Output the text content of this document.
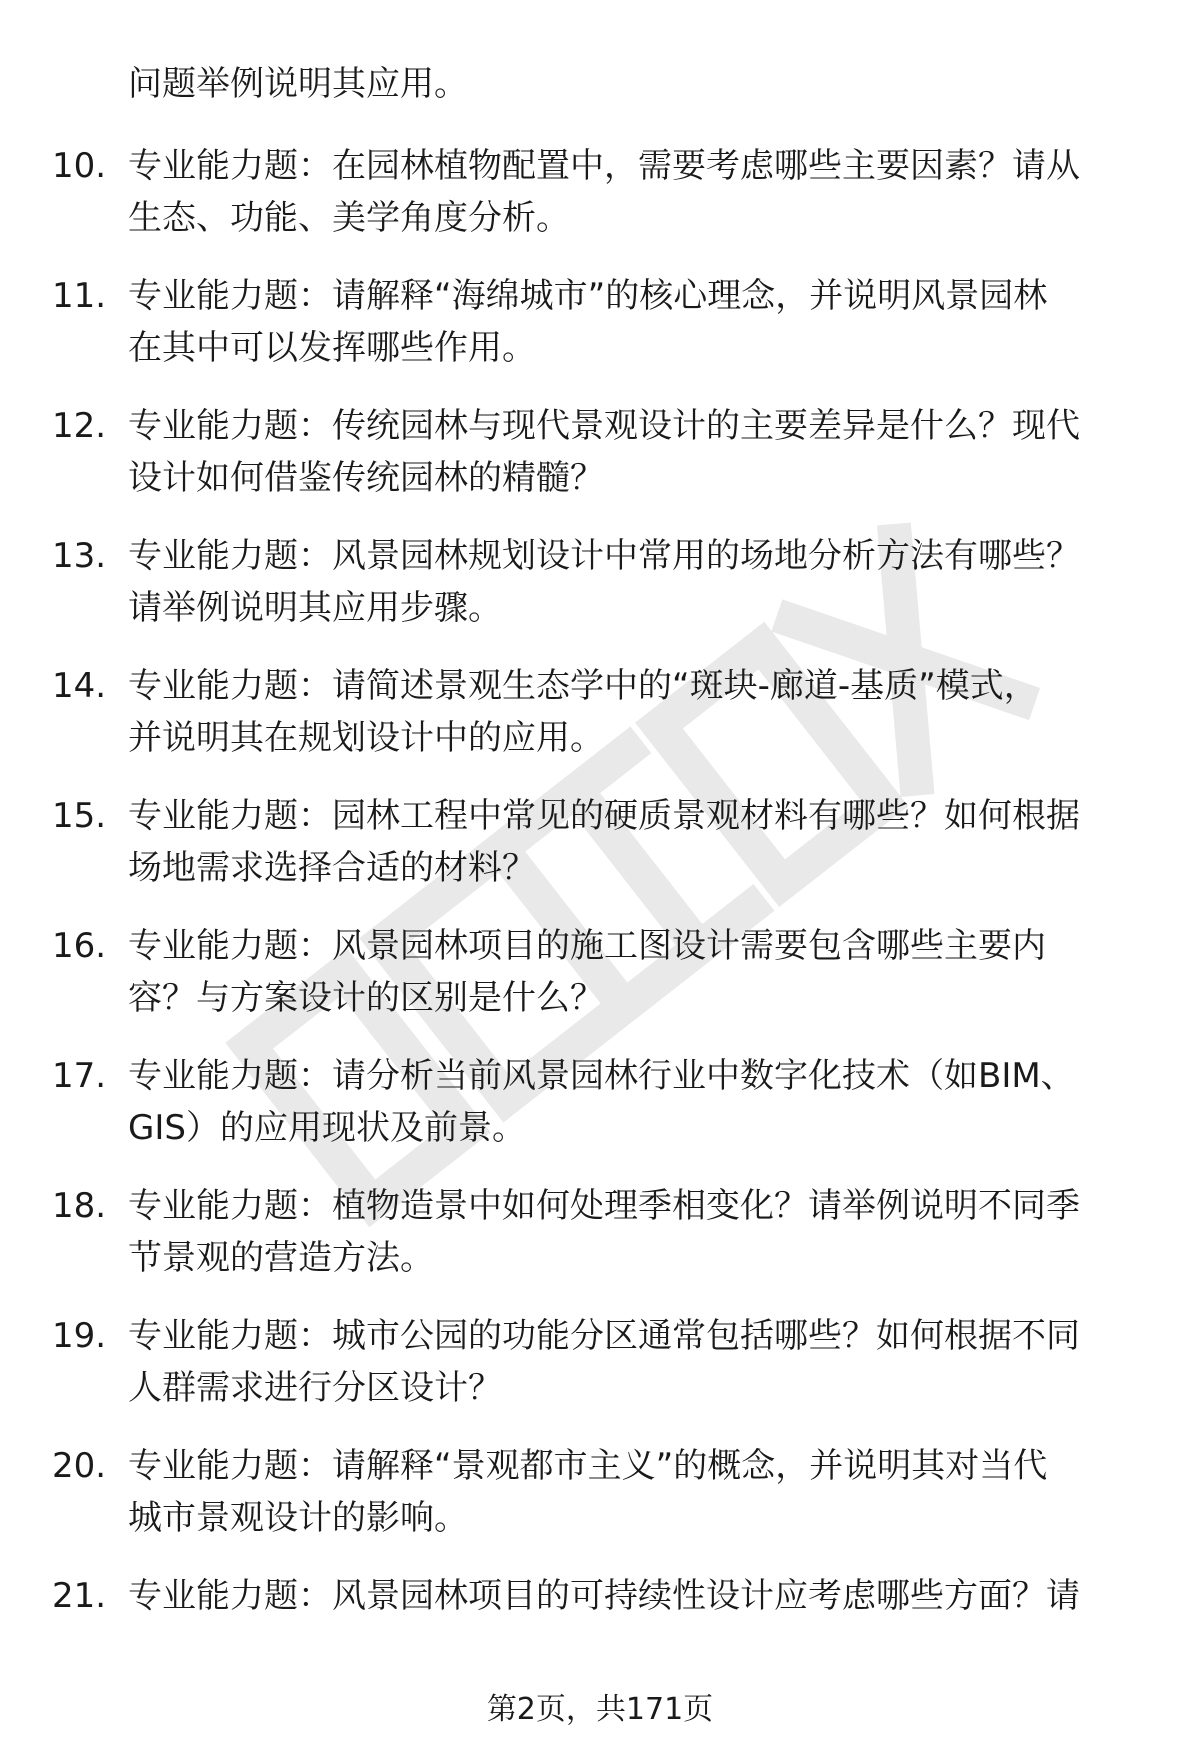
问题举例说明其应用。

10. 专业能力题：在园林植物配置中，需要考虑哪些主要因素？请从
生态、功能、美学角度分析。
11. 专业能力题：请解释“海绵城市”的核心理念，并说明风景园林
在其中可以发挥哪些作用。
12. 专业能力题：传统园林与现代景观设计的主要差异是什么？现代
设计如何借鉴传统园林的精髓？
13. 专业能力题：风景园林规划设计中常用的场地分析方法有哪些？
请举例说明其应用步骤。
14. 专业能力题：请简述景观生态学中的“斑块-廊道-基质”模式，
并说明其在规划设计中的应用。
15. 专业能力题：园林工程中常见的硬质景观材料有哪些？如何根据
场地需求选择合适的材料？
16. 专业能力题：风景园林项目的施工图设计需要包含哪些主要内
容？与方案设计的区别是什么？
17. 专业能力题：请分析当前风景园林行业中数字化技术（如BIM、
GIS）的应用现状及前景。
18. 专业能力题：植物造景中如何处理季相变化？请举例说明不同季
节景观的营造方法。
19. 专业能力题：城市公园的功能分区通常包括哪些？如何根据不同
人群需求进行分区设计？
20. 专业能力题：请解释“景观都市主义”的概念，并说明其对当代
城市景观设计的影响。
21. 专业能力题：风景园林项目的可持续性设计应考虑哪些方面？请
第2页，共171页
